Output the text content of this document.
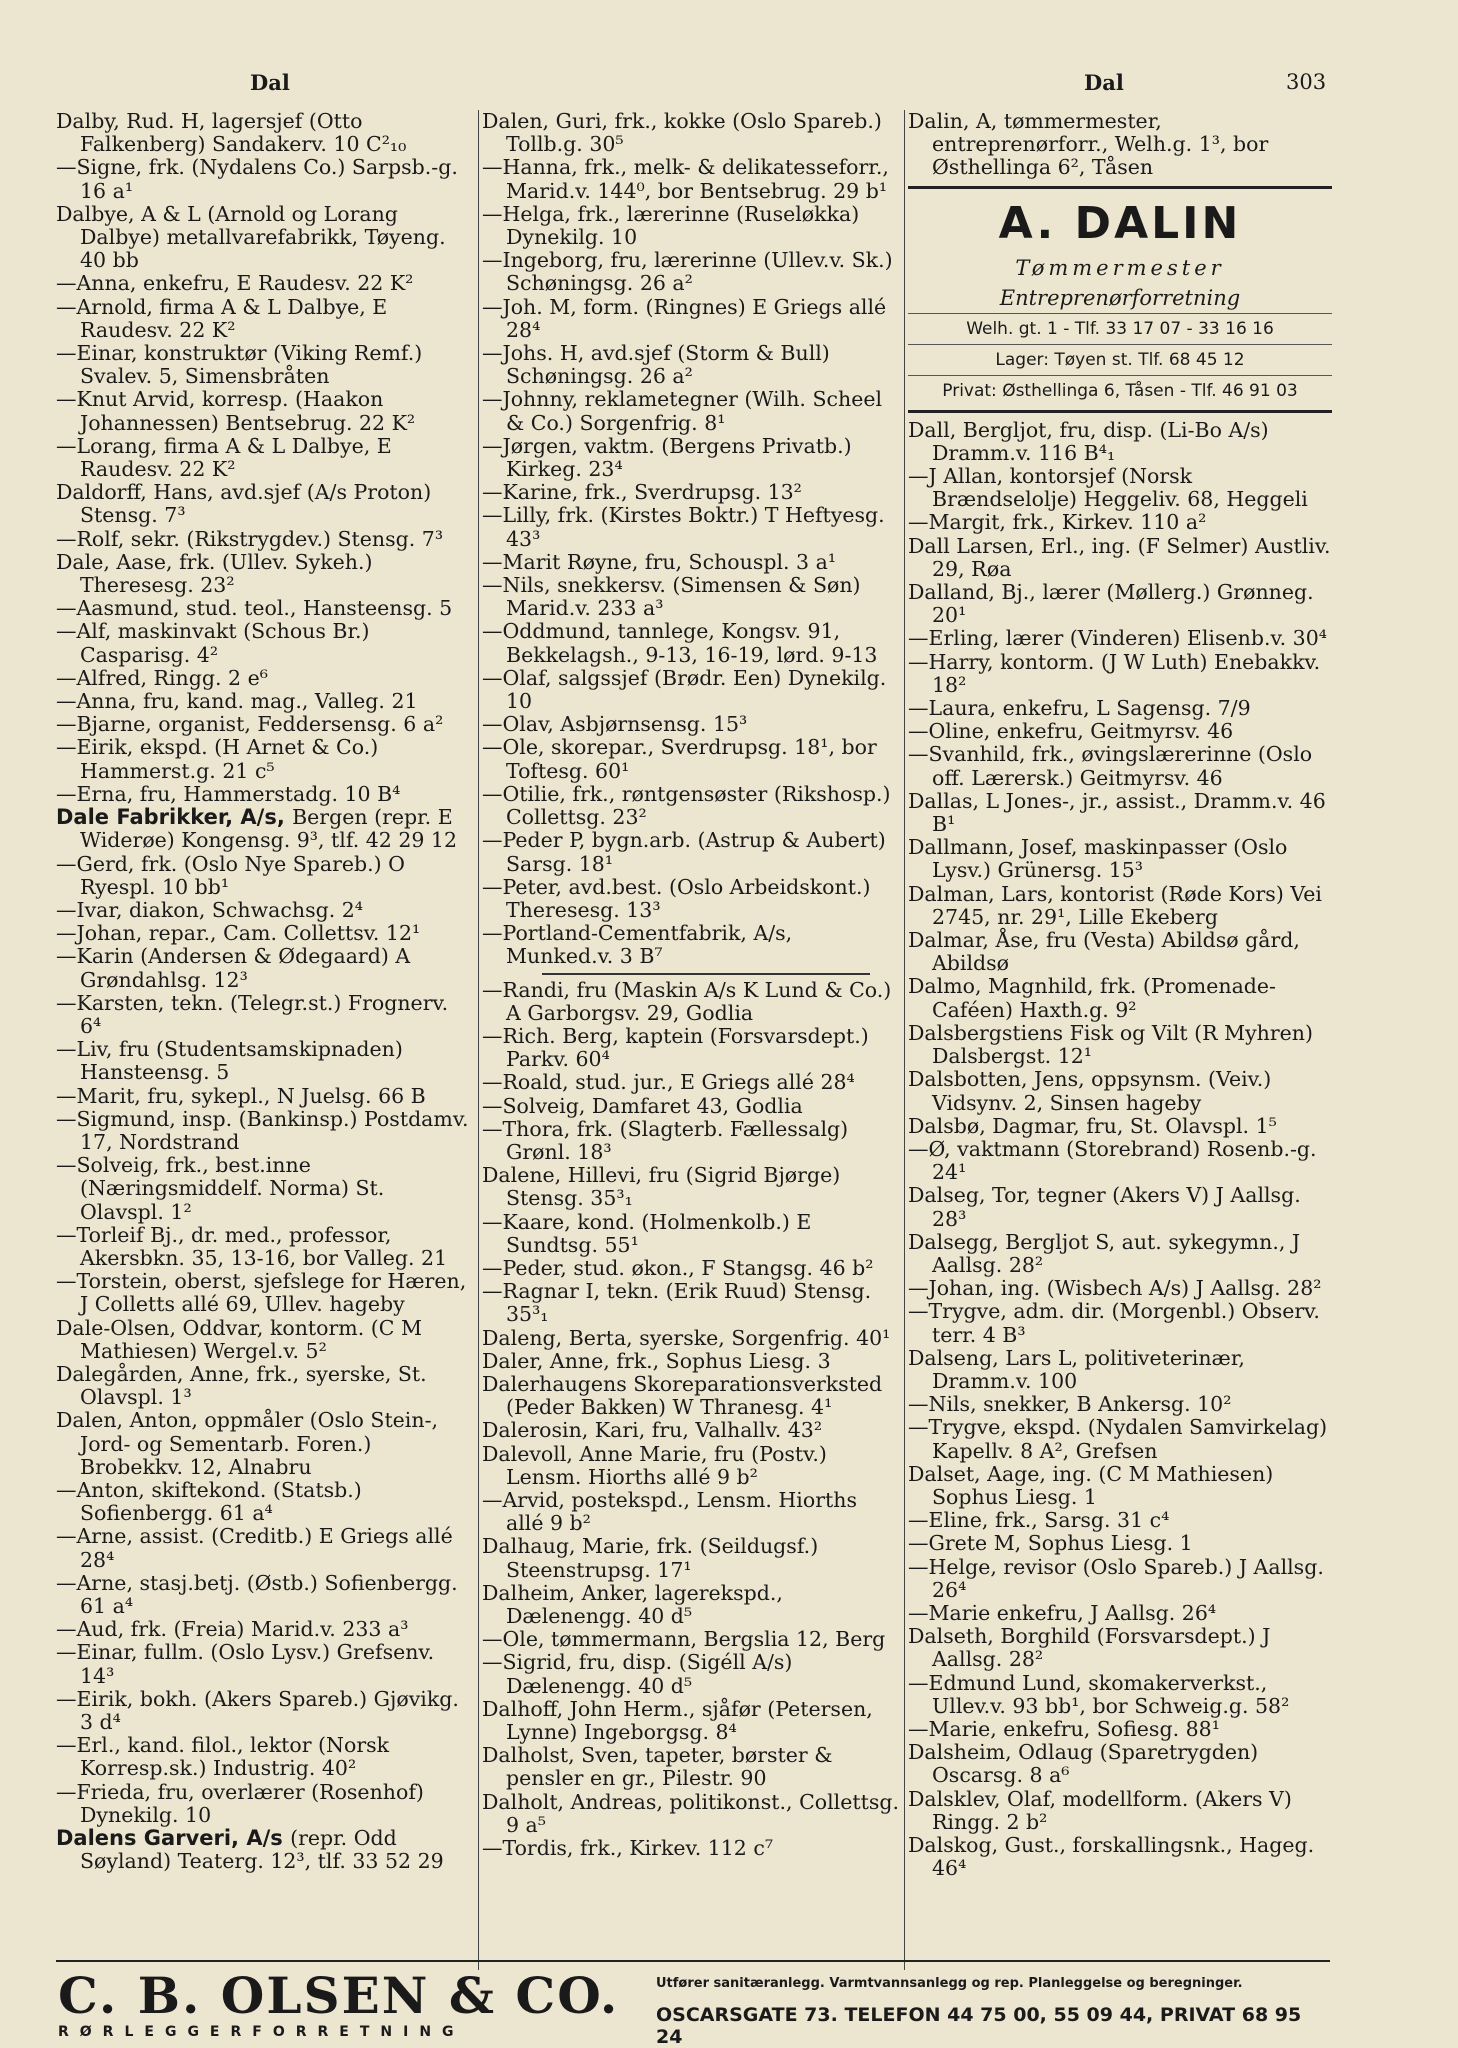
Dal	Dal	303
Dalby, Rud. H, lagersjef (Otto Falkenberg) Sandakerv. 10 C²₁₀
—Signe, frk. (Nydalens Co.) Sarpsb.-g. 16 a¹
Dalbye, A & L (Arnold og Lorang Dalbye) metallvarefabrikk, Tøyeng. 40 bb
—Anna, enkefru, E Raudesv. 22 K²
—Arnold, firma A & L Dalbye, E Raudesv. 22 K²
—Einar, konstruktør (Viking Remf.) Svalev. 5, Simensbråten
—Knut Arvid, korresp. (Haakon Johannessen) Bentsebrug. 22 K²
—Lorang, firma A & L Dalbye, E Raudesv. 22 K²
Daldorff, Hans, avd.sjef (A/s Proton) Stensg. 7³
—Rolf, sekr. (Rikstrygdev.) Stensg. 7³
Dale, Aase, frk. (Ullev. Sykeh.) Theresesg. 23²
—Aasmund, stud. teol., Hansteensg. 5
—Alf, maskinvakt (Schous Br.) Casparisg. 4²
—Alfred, Ringg. 2 e⁶
—Anna, fru, kand. mag., Valleg. 21
—Bjarne, organist, Feddersensg. 6 a²
—Eirik, ekspd. (H Arnet & Co.) Hammerst.g. 21 c⁵
—Erna, fru, Hammerstadg. 10 B⁴
Dale Fabrikker, A/s, Bergen (repr. E Widerøe) Kongensg. 9³, tlf. 42 29 12
—Gerd, frk. (Oslo Nye Spareb.) O Ryespl. 10 bb¹
—Ivar, diakon, Schwachsg. 2⁴
—Johan, repar., Cam. Collettsv. 12¹
—Karin (Andersen & Ødegaard) A Grøndahlsg. 12³
—Karsten, tekn. (Telegr.st.) Frognerv. 6⁴
—Liv, fru (Studentsamskipnaden) Hansteensg. 5
—Marit, fru, sykepl., N Juelsg. 66 B
—Sigmund, insp. (Bankinsp.) Postdamv. 17, Nordstrand
—Solveig, frk., best.inne (Næringsmiddelf. Norma) St. Olavspl. 1²
—Torleif Bj., dr. med., professor, Akersbkn. 35, 13-16, bor Valleg. 21
—Torstein, oberst, sjefslege for Hæren, J Colletts allé 69, Ullev. hageby
Dale-Olsen, Oddvar, kontorm. (C M Mathiesen) Wergel.v. 5²
Dalegården, Anne, frk., syerske, St. Olavspl. 1³
Dalen, Anton, oppmåler (Oslo Stein-, Jord- og Sementarb. Foren.) Brobekkv. 12, Alnabru
—Anton, skiftekond. (Statsb.) Sofienbergg. 61 a⁴
—Arne, assist. (Creditb.) E Griegs allé 28⁴
—Arne, stasj.betj. (Østb.) Sofienbergg. 61 a⁴
—Aud, frk. (Freia) Marid.v. 233 a³
—Einar, fullm. (Oslo Lysv.) Grefsenv. 14³
—Eirik, bokh. (Akers Spareb.) Gjøvikg. 3 d⁴
—Erl., kand. filol., lektor (Norsk Korresp.sk.) Industrig. 40²
—Frieda, fru, overlærer (Rosenhof) Dynekilg. 10
Dalens Garveri, A/s (repr. Odd Søyland) Teaterg. 12³, tlf. 33 52 29
Dalen, Guri, frk., kokke (Oslo Spareb.) Tollb.g. 30⁵
—Hanna, frk., melk- & delikatesseforr., Marid.v. 144⁰, bor Bentsebrug. 29 b¹
—Helga, frk., lærerinne (Ruseløkka) Dynekilg. 10
—Ingeborg, fru, lærerinne (Ullev.v. Sk.) Schøningsg. 26 a²
—Joh. M, form. (Ringnes) E Griegs allé 28⁴
—Johs. H, avd.sjef (Storm & Bull) Schøningsg. 26 a²
—Johnny, reklametegner (Wilh. Scheel & Co.) Sorgenfrig. 8¹
—Jørgen, vaktm. (Bergens Privatb.) Kirkeg. 23⁴
—Karine, frk., Sverdrupsg. 13²
—Lilly, frk. (Kirstes Boktr.) T Heftyesg. 43³
—Marit Røyne, fru, Schouspl. 3 a¹
—Nils, snekkersv. (Simensen & Søn) Marid.v. 233 a³
—Oddmund, tannlege, Kongsv. 91, Bekkelagsh., 9-13, 16-19, lørd. 9-13
—Olaf, salgssjef (Brødr. Een) Dynekilg. 10
—Olav, Asbjørnsensg. 15³
—Ole, skorepar., Sverdrupsg. 18¹, bor Toftesg. 60¹
—Otilie, frk., røntgensøster (Rikshosp.) Collettsg. 23²
—Peder P, bygn.arb. (Astrup & Aubert) Sarsg. 18¹
—Peter, avd.best. (Oslo Arbeidskont.) Theresesg. 13³
—Portland-Cementfabrik, A/s, Munked.v. 3 B⁷
—Randi, fru (Maskin A/s K Lund & Co.) A Garborgsv. 29, Godlia
—Rich. Berg, kaptein (Forsvarsdept.) Parkv. 60⁴
—Roald, stud. jur., E Griegs allé 28⁴
—Solveig, Damfaret 43, Godlia
—Thora, frk. (Slagterb. Fællessalg) Grønl. 18³
Dalene, Hillevi, fru (Sigrid Bjørge) Stensg. 35³₁
—Kaare, kond. (Holmenkolb.) E Sundtsg. 55¹
—Peder, stud. økon., F Stangsg. 46 b²
—Ragnar I, tekn. (Erik Ruud) Stensg. 35³₁
Daleng, Berta, syerske, Sorgenfrig. 40¹
Daler, Anne, frk., Sophus Liesg. 3
Dalerhaugens Skoreparationsverksted (Peder Bakken) W Thranesg. 4¹
Dalerosin, Kari, fru, Valhallv. 43²
Dalevoll, Anne Marie, fru (Postv.) Lensm. Hiorths allé 9 b²
—Arvid, postekspd., Lensm. Hiorths allé 9 b²
Dalhaug, Marie, frk. (Seildugsf.) Steenstrupsg. 17¹
Dalheim, Anker, lagerekspd., Dælenengg. 40 d⁵
—Ole, tømmermann, Bergslia 12, Berg
—Sigrid, fru, disp. (Sigéll A/s) Dælenengg. 40 d⁵
Dalhoff, John Herm., sjåfør (Petersen, Lynne) Ingeborgsg. 8⁴
Dalholst, Sven, tapeter, børster & pensler en gr., Pilestr. 90
Dalholt, Andreas, politikonst., Collettsg. 9 a⁵
—Tordis, frk., Kirkev. 112 c⁷
Dalin, A, tømmermester, entreprenørforr., Welh.g. 1³, bor Østhellinga 6², Tåsen
A. DALIN
Tømmermester
Entreprenørforretning
Welh. gt. 1 - Tlf. 33 17 07 - 33 16 16
Lager: Tøyen st. Tlf. 68 45 12
Privat: Østhellinga 6, Tåsen - Tlf. 46 91 03
Dall, Bergljot, fru, disp. (Li-Bo A/s) Dramm.v. 116 B⁴₁
—J Allan, kontorsjef (Norsk Brændselolje) Heggeliv. 68, Heggeli
—Margit, frk., Kirkev. 110 a²
Dall Larsen, Erl., ing. (F Selmer) Austliv. 29, Røa
Dalland, Bj., lærer (Møllerg.) Grønneg. 20¹
—Erling, lærer (Vinderen) Elisenb.v. 30⁴
—Harry, kontorm. (J W Luth) Enebakkv. 18²
—Laura, enkefru, L Sagensg. 7/9
—Oline, enkefru, Geitmyrsv. 46
—Svanhild, frk., øvingslærerinne (Oslo off. Lærersk.) Geitmyrsv. 46
Dallas, L Jones-, jr., assist., Dramm.v. 46 B¹
Dallmann, Josef, maskinpasser (Oslo Lysv.) Grünersg. 15³
Dalman, Lars, kontorist (Røde Kors) Vei 2745, nr. 29¹, Lille Ekeberg
Dalmar, Åse, fru (Vesta) Abildsø gård, Abildsø
Dalmo, Magnhild, frk. (Promenade-Caféen) Haxth.g. 9²
Dalsbergstiens Fisk og Vilt (R Myhren) Dalsbergst. 12¹
Dalsbotten, Jens, oppsynsm. (Veiv.) Vidsynv. 2, Sinsen hageby
Dalsbø, Dagmar, fru, St. Olavspl. 1⁵
—Ø, vaktmann (Storebrand) Rosenb.-g. 24¹
Dalseg, Tor, tegner (Akers V) J Aallsg. 28³
Dalsegg, Bergljot S, aut. sykegymn., J Aallsg. 28²
—Johan, ing. (Wisbech A/s) J Aallsg. 28²
—Trygve, adm. dir. (Morgenbl.) Observ. terr. 4 B³
Dalseng, Lars L, politiveterinær, Dramm.v. 100
—Nils, snekker, B Ankersg. 10²
—Trygve, ekspd. (Nydalen Samvirkelag) Kapellv. 8 A², Grefsen
Dalset, Aage, ing. (C M Mathiesen) Sophus Liesg. 1
—Eline, frk., Sarsg. 31 c⁴
—Grete M, Sophus Liesg. 1
—Helge, revisor (Oslo Spareb.) J Aallsg. 26⁴
—Marie enkefru, J Aallsg. 26⁴
Dalseth, Borghild (Forsvarsdept.) J Aallsg. 28²
—Edmund Lund, skomakerverkst., Ullev.v. 93 bb¹, bor Schweig.g. 58²
—Marie, enkefru, Sofiesg. 88¹
Dalsheim, Odlaug (Sparetrygden) Oscarsg. 8 a⁶
Dalsklev, Olaf, modellform. (Akers V) Ringg. 2 b²
Dalskog, Gust., forskallingsnk., Hageg. 46⁴
C. B. OLSEN & CO.
RØRLEGGERFORRETNING
Utfører sanitæranlegg. Varmtvannsanlegg og rep. Planleggelse og beregninger.
OSCARSGATE 73. TELEFON 44 75 00, 55 09 44, PRIVAT 68 95 24
